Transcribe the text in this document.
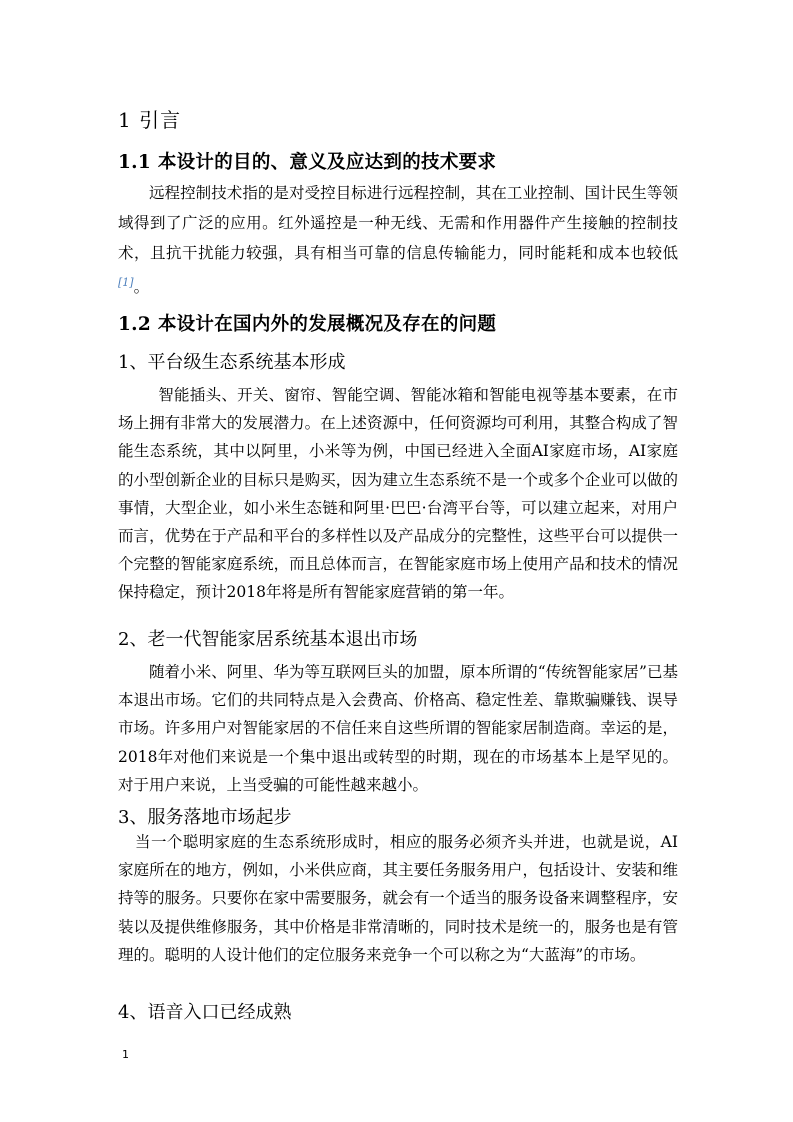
1 引言
1.1 本设计的目的、意义及应达到的技术要求
远程控制技术指的是对受控目标进行远程控制，其在工业控制、国计民生等领域得到了广泛的应用。红外遥控是一种无线、无需和作用器件产生接触的控制技术，且抗干扰能力较强，具有相当可靠的信息传输能力，同时能耗和成本也较低[1]。
1.2 本设计在国内外的发展概况及存在的问题
1、平台级生态系统基本形成
智能插头、开关、窗帘、智能空调、智能冰箱和智能电视等基本要素，在市场上拥有非常大的发展潜力。在上述资源中，任何资源均可利用，其整合构成了智能生态系统，其中以阿里，小米等为例，中国已经进入全面AI家庭市场，AI家庭的小型创新企业的目标只是购买，因为建立生态系统不是一个或多个企业可以做的事情，大型企业，如小米生态链和阿里·巴巴·台湾平台等，可以建立起来，对用户而言，优势在于产品和平台的多样性以及产品成分的完整性，这些平台可以提供一个完整的智能家庭系统，而且总体而言，在智能家庭市场上使用产品和技术的情况保持稳定，预计2018年将是所有智能家庭营销的第一年。
2、老一代智能家居系统基本退出市场
随着小米、阿里、华为等互联网巨头的加盟，原本所谓的“传统智能家居”已基本退出市场。它们的共同特点是入会费高、价格高、稳定性差、靠欺骗赚钱、误导市场。许多用户对智能家居的不信任来自这些所谓的智能家居制造商。幸运的是，2018年对他们来说是一个集中退出或转型的时期，现在的市场基本上是罕见的。对于用户来说，上当受骗的可能性越来越小。
3、服务落地市场起步
当一个聪明家庭的生态系统形成时，相应的服务必须齐头并进，也就是说，AI家庭所在的地方，例如，小米供应商，其主要任务服务用户，包括设计、安装和维持等的服务。只要你在家中需要服务，就会有一个适当的服务设备来调整程序，安装以及提供维修服务，其中价格是非常清晰的，同时技术是统一的，服务也是有管理的。聪明的人设计他们的定位服务来竞争一个可以称之为“大蓝海”的市场。
4、语音入口已经成熟
1
